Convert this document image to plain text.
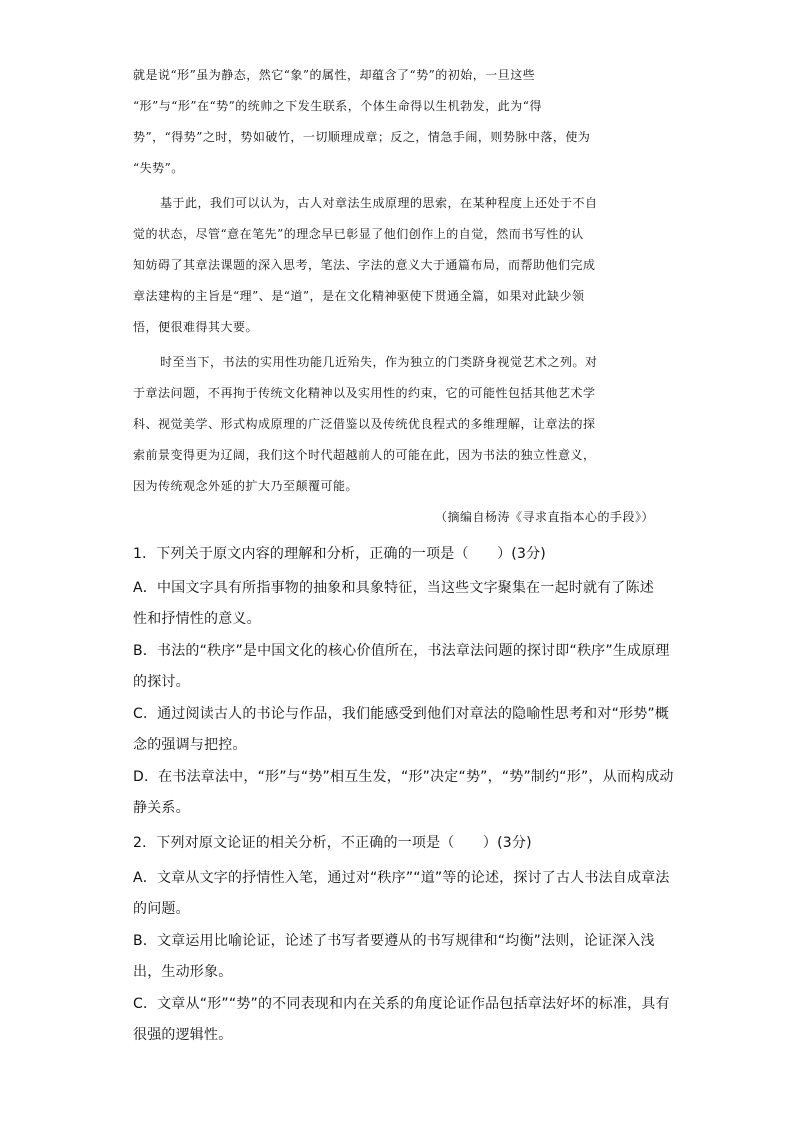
就是说“形”虽为静态，然它“象”的属性，却蕴含了“势”的初始，一旦这些
“形”与“形”在“势”的统帅之下发生联系，个体生命得以生机勃发，此为“得
势”，“得势”之时，势如破竹，一切顺理成章；反之，情急手闹，则势脉中落，使为
“失势”。
基于此，我们可以认为，古人对章法生成原理的思索，在某种程度上还处于不自
觉的状态，尽管“意在笔先”的理念早已彰显了他们创作上的自觉，然而书写性的认
知妨碍了其章法课题的深入思考，笔法、字法的意义大于通篇布局，而帮助他们完成
章法建构的主旨是“理”、是“道”，是在文化精神驱使下贯通全篇，如果对此缺少领
悟，便很难得其大要。
时至当下，书法的实用性功能几近殆失，作为独立的门类跻身视觉艺术之列。对
于章法问题，不再拘于传统文化精神以及实用性的约束，它的可能性包括其他艺术学
科、视觉美学、形式构成原理的广泛借鉴以及传统优良程式的多维理解，让章法的探
索前景变得更为辽阔，我们这个时代超越前人的可能在此，因为书法的独立性意义，
因为传统观念外延的扩大乃至颠覆可能。
（摘编自杨涛《寻求直指本心的手段》）
1．下列关于原文内容的理解和分析，正确的一项是（　　）(3分)
A．中国文字具有所指事物的抽象和具象特征，当这些文字聚集在一起时就有了陈述
性和抒情性的意义。
B．书法的“秩序”是中国文化的核心价值所在，书法章法问题的探讨即“秩序”生成原理
的探讨。
C．通过阅读古人的书论与作品，我们能感受到他们对章法的隐喻性思考和对“形势”概
念的强调与把控。
D．在书法章法中，“形”与“势”相互生发，“形”决定“势”，“势”制约“形”，从而构成动
静关系。
2．下列对原文论证的相关分析，不正确的一项是（　　）(3分)
A．文章从文字的抒情性入笔，通过对“秩序”“道”等的论述，探讨了古人书法自成章法
的问题。
B．文章运用比喻论证，论述了书写者要遵从的书写规律和“均衡”法则，论证深入浅
出，生动形象。
C．文章从“形”“势”的不同表现和内在关系的角度论证作品包括章法好坏的标准，具有
很强的逻辑性。
